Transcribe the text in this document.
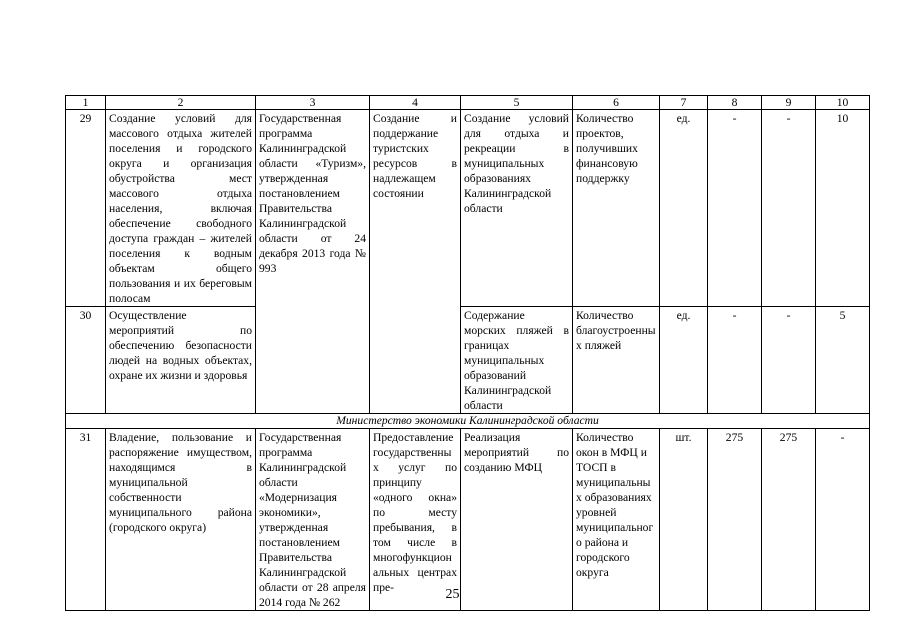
1	2	3	4	5	6	7	8	9	10
29	Создание условий для массового отдыха жителей поселения и городского округа и организация обустройства мест массового отдыха населения, включая обеспечение свободного доступа граждан – жителей поселения к водным объектам общего пользования и их береговым полосам	Государственная программа Калининградской области «Туризм», утвержденная постановлением Правительства Калининградской области от 24 декабря 2013 года № 993	Создание и поддержание туристских ресурсов в надлежащем состоянии	Создание условий для отдыха и рекреации в муниципальных образованиях Калининградской области	Количество проектов, получивших финансовую поддержку	ед.	-	-	10
30	Осуществление мероприятий по обеспечению безопасности людей на водных объектах, охране их жизни и здоровья			Содержание морских пляжей в границах муниципальных образований Калининградской области	Количество благоустроенных пляжей	ед.	-	-	5
Министерство экономики Калининградской области									
31	Владение, пользование и распоряжение имуществом, находящимся в муниципальной собственности муниципального района (городского округа)	Государственная программа Калининградской области «Модернизация экономики», утвержденная постановлением Правительства Калининградской области от 28 апреля 2014 года № 262	Предоставление государственных услуг по принципу «одного окна» по месту пребывания, в том числе в многофункциональных центрах пре-	Реализация мероприятий по созданию МФЦ	Количество окон в МФЦ и ТОСП в муниципальных образованиях уровней муниципального района и городского округа	шт.	275	275	-
25
